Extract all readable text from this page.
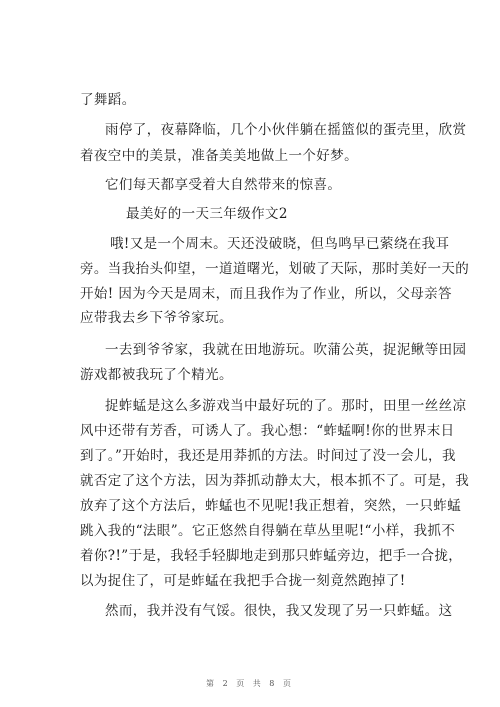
了舞蹈。
雨停了，夜幕降临，几个小伙伴躺在摇篮似的蛋壳里，欣赏
着夜空中的美景，准备美美地做上一个好梦。
它们每天都享受着大自然带来的惊喜。
最美好的一天三年级作文2
哦!又是一个周末。天还没破晓，但鸟鸣早已萦绕在我耳
旁。当我抬头仰望，一道道曙光，划破了天际，那时美好一天的
开始! 因为今天是周末，而且我作为了作业，所以，父母亲答
应带我去乡下爷爷家玩。
一去到爷爷家，我就在田地游玩。吹蒲公英，捉泥鳅等田园
游戏都被我玩了个精光。
捉蚱蜢是这么多游戏当中最好玩的了。那时，田里一丝丝凉
风中还带有芳香，可诱人了。我心想：“蚱蜢啊!你的世界末日
到了。”开始时，我还是用莽抓的方法。时间过了没一会儿，我
就否定了这个方法，因为莽抓动静太大，根本抓不了。可是，我
放弃了这个方法后，蚱蜢也不见呢!我正想着，突然，一只蚱蜢
跳入我的“法眼”。它正悠然自得躺在草丛里呢!“小样，我抓不
着你?!”于是，我轻手轻脚地走到那只蚱蜢旁边，把手一合拢，
以为捉住了，可是蚱蜢在我把手合拢一刻竟然跑掉了!
然而，我并没有气馁。很快，我又发现了另一只蚱蜢。这
第 2 页 共 8 页
